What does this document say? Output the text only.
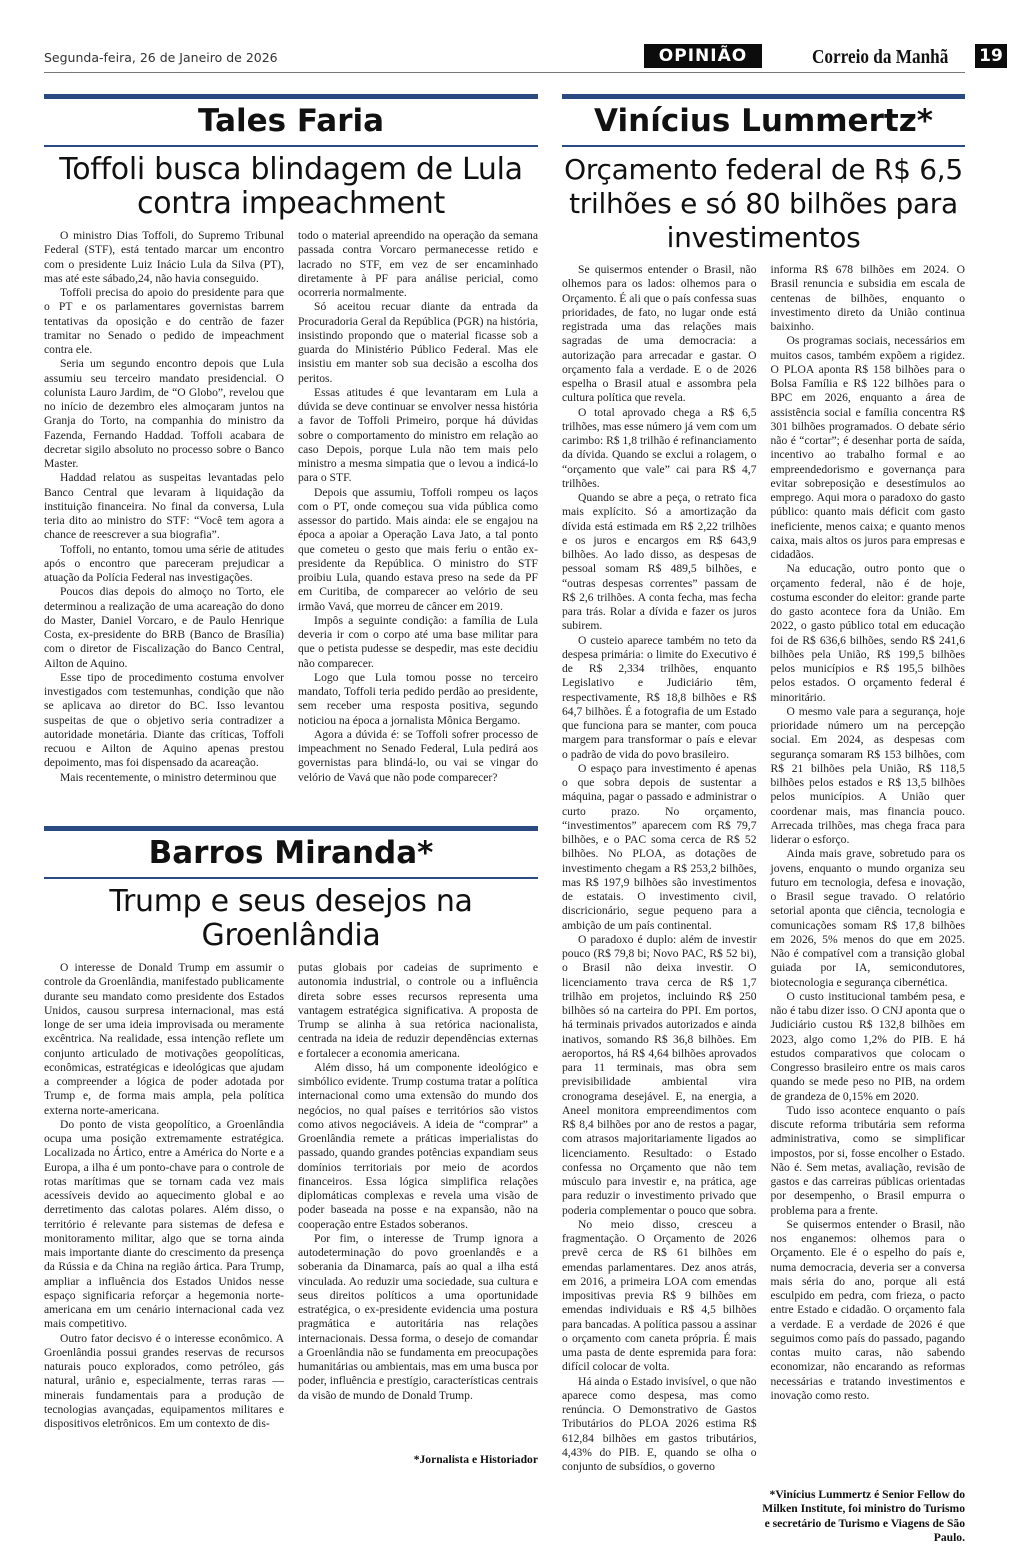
Segunda-feira, 26 de Janeiro de 2026	OPINIÃO	Correio da Manhã 19
Tales Faria
Toffoli busca blindagem de Lula contra impeachment

O ministro Dias Toffoli, do Supremo Tribunal Federal (STF), está tentado marcar um encontro com o presidente Luiz Inácio Lula da Silva (PT), mas até este sábado,24, não havia conseguido.

Toffoli precisa do apoio do presidente para que o PT e os parlamentares governistas barrem tentativas da oposição e do centrão de fazer tramitar no Senado o pedido de impeachment contra ele.

Seria um segundo encontro depois que Lula assumiu seu terceiro mandato presidencial. O colunista Lauro Jardim, de “O Globo”, revelou que no início de dezembro eles almoçaram juntos na Granja do Torto, na companhia do ministro da Fazenda, Fernando Haddad. Toffoli acabara de decretar sigilo absoluto no processo sobre o Banco Master.

Haddad relatou as suspeitas levantadas pelo Banco Central que levaram à liquidação da instituição financeira. No final da conversa, Lula teria dito ao ministro do STF: “Você tem agora a chance de reescrever a sua biografia”.

Toffoli, no entanto, tomou uma série de atitudes após o encontro que pareceram prejudicar a atuação da Polícia Federal nas investigações.

Poucos dias depois do almoço no Torto, ele determinou a realização de uma acareação do dono do Master, Daniel Vorcaro, e de Paulo Henrique Costa, ex-presidente do BRB (Banco de Brasília) com o diretor de Fiscalização do Banco Central, Ailton de Aquino.

Esse tipo de procedimento costuma envolver investigados com testemunhas, condição que não se aplicava ao diretor do BC. Isso levantou suspeitas de que o objetivo seria contradizer a autoridade monetária. Diante das críticas, Toffoli recuou e Ailton de Aquino apenas prestou depoimento, mas foi dispensado da acareação.

Mais recentemente, o ministro determinou que

todo o material apreendido na operação da semana passada contra Vorcaro permanecesse retido e lacrado no STF, em vez de ser encaminhado diretamente à PF para análise pericial, como ocorreria normalmente.

Só aceitou recuar diante da entrada da Procuradoria Geral da República (PGR) na história, insistindo propondo que o material ficasse sob a guarda do Ministério Público Federal. Mas ele insistiu em manter sob sua decisão a escolha dos peritos.

Essas atitudes é que levantaram em Lula a dúvida se deve continuar se envolver nessa história a favor de Toffoli Primeiro, porque há dúvidas sobre o comportamento do ministro em relação ao caso Depois, porque Lula não tem mais pelo ministro a mesma simpatia que o levou a indicá-lo para o STF.

Depois que assumiu, Toffoli rompeu os laços com o PT, onde começou sua vida pública como assessor do partido. Mais ainda: ele se engajou na época a apoiar a Operação Lava Jato, a tal ponto que cometeu o gesto que mais feriu o então ex-presidente da República. O ministro do STF proibiu Lula, quando estava preso na sede da PF em Curitiba, de comparecer ao velório de seu irmão Vavá, que morreu de câncer em 2019.

Impôs a seguinte condição: a família de Lula deveria ir com o corpo até uma base militar para que o petista pudesse se despedir, mas este decidiu não comparecer.

Logo que Lula tomou posse no terceiro mandato, Toffoli teria pedido perdão ao presidente, sem receber uma resposta positiva, segundo noticiou na época a jornalista Mônica Bergamo.

Agora a dúvida é: se Toffoli sofrer processo de impeachment no Senado Federal, Lula pedirá aos governistas para blindá-lo, ou vai se vingar do velório de Vavá que não pode comparecer?

Barros Miranda*
Trump e seus desejos na Groenlândia

O interesse de Donald Trump em assumir o controle da Groenlândia, manifestado publicamente durante seu mandato como presidente dos Estados Unidos, causou surpresa internacional, mas está longe de ser uma ideia improvisada ou meramente excêntrica. Na realidade, essa intenção reflete um conjunto articulado de motivações geopolíticas, econômicas, estratégicas e ideológicas que ajudam a compreender a lógica de poder adotada por Trump e, de forma mais ampla, pela política externa norte-americana.

Do ponto de vista geopolítico, a Groenlândia ocupa uma posição extremamente estratégica. Localizada no Ártico, entre a América do Norte e a Europa, a ilha é um ponto-chave para o controle de rotas marítimas que se tornam cada vez mais acessíveis devido ao aquecimento global e ao derretimento das calotas polares. Além disso, o território é relevante para sistemas de defesa e monitoramento militar, algo que se torna ainda mais importante diante do crescimento da presença da Rússia e da China na região ártica. Para Trump, ampliar a influência dos Estados Unidos nesse espaço significaria reforçar a hegemonia norte-americana em um cenário internacional cada vez mais competitivo.

Outro fator decisvo é o interesse econômico. A Groenlândia possui grandes reservas de recursos naturais pouco explorados, como petróleo, gás natural, urânio e, especialmente, terras raras — minerais fundamentais para a produção de tecnologias avançadas, equipamentos militares e dispositivos eletrônicos. Em um contexto de dis-

putas globais por cadeias de suprimento e autonomia industrial, o controle ou a influência direta sobre esses recursos representa uma vantagem estratégica significativa. A proposta de Trump se alinha à sua retórica nacionalista, centrada na ideia de reduzir dependências externas e fortalecer a economia americana.

Além disso, há um componente ideológico e simbólico evidente. Trump costuma tratar a política internacional como uma extensão do mundo dos negócios, no qual países e territórios são vistos como ativos negociáveis. A ideia de “comprar” a Groenlândia remete a práticas imperialistas do passado, quando grandes potências expandiam seus domínios territoriais por meio de acordos financeiros. Essa lógica simplifica relações diplomáticas complexas e revela uma visão de poder baseada na posse e na expansão, não na cooperação entre Estados soberanos.

Por fim, o interesse de Trump ignora a autodeterminação do povo groenlandês e a soberania da Dinamarca, país ao qual a ilha está vinculada. Ao reduzir uma sociedade, sua cultura e seus direitos políticos a uma oportunidade estratégica, o ex-presidente evidencia uma postura pragmática e autoritária nas relações internacionais. Dessa forma, o desejo de comandar a Groenlândia não se fundamenta em preocupações humanitárias ou ambientais, mas em uma busca por poder, influência e prestígio, características centrais da visão de mundo de Donald Trump.

*Jornalista e Historiador
Vinícius Lummertz*
Orçamento federal de R$ 6,5 trilhões e só 80 bilhões para investimentos

Se quisermos entender o Brasil, não olhemos para os lados: olhemos para o Orçamento. É ali que o país confessa suas prioridades, de fato, no lugar onde está registrada uma das relações mais sagradas de uma democracia: a autorização para arrecadar e gastar. O orçamento fala a verdade. E o de 2026 espelha o Brasil atual e assombra pela cultura política que revela.

O total aprovado chega a R$ 6,5 trilhões, mas esse número já vem com um carimbo: R$ 1,8 trilhão é refinanciamento da dívida. Quando se exclui a rolagem, o “orçamento que vale” cai para R$ 4,7 trilhões.

Quando se abre a peça, o retrato fica mais explícito. Só a amortização da dívida está estimada em R$ 2,22 trilhões e os juros e encargos em R$ 643,9 bilhões. Ao lado disso, as despesas de pessoal somam R$ 489,5 bilhões, e “outras despesas correntes” passam de R$ 2,6 trilhões. A conta fecha, mas fecha para trás. Rolar a dívida e fazer os juros subirem.

O custeio aparece também no teto da despesa primária: o limite do Executivo é de R$ 2,334 trilhões, enquanto Legislativo e Judiciário têm, respectivamente, R$ 18,8 bilhões e R$ 64,7 bilhões. É a fotografia de um Estado que funciona para se manter, com pouca margem para transformar o país e elevar o padrão de vida do povo brasileiro.

O espaço para investimento é apenas o que sobra depois de sustentar a máquina, pagar o passado e administrar o curto prazo. No orçamento, “investimentos” aparecem com R$ 79,7 bilhões, e o PAC soma cerca de R$ 52 bilhões. No PLOA, as dotações de investimento chegam a R$ 253,2 bilhões, mas R$ 197,9 bilhões são investimentos de estatais. O investimento civil, discricionário, segue pequeno para a ambição de um país continental.

O paradoxo é duplo: além de investir pouco (R$ 79,8 bi; Novo PAC, R$ 52 bi), o Brasil não deixa investir. O licenciamento trava cerca de R$ 1,7 trilhão em projetos, incluindo R$ 250 bilhões só na carteira do PPI. Em portos, há terminais privados autorizados e ainda inativos, somando R$ 36,8 bilhões. Em aeroportos, há R$ 4,64 bilhões aprovados para 11 terminais, mas obra sem previsibilidade ambiental vira cronograma desejável. E, na energia, a Aneel monitora empreendimentos com R$ 8,4 bilhões por ano de restos a pagar, com atrasos majoritariamente ligados ao licenciamento. Resultado: o Estado confessa no Orçamento que não tem músculo para investir e, na prática, age para reduzir o investimento privado que poderia complementar o pouco que sobra.

No meio disso, cresceu a fragmentação. O Orçamento de 2026 prevê cerca de R$ 61 bilhões em emendas parlamentares. Dez anos atrás, em 2016, a primeira LOA com emendas impositivas previa R$ 9 bilhões em emendas individuais e R$ 4,5 bilhões para bancadas. A política passou a assinar o orçamento com caneta própria. É mais uma pasta de dente espremida para fora: difícil colocar de volta.

Há ainda o Estado invisível, o que não aparece como despesa, mas como renúncia. O Demonstrativo de Gastos Tributários do PLOA 2026 estima R$ 612,84 bilhões em gastos tributários, 4,43% do PIB. E, quando se olha o conjunto de subsídios, o governo

informa R$ 678 bilhões em 2024. O Brasil renuncia e subsidia em escala de centenas de bilhões, enquanto o investimento direto da União continua baixinho.

Os programas sociais, necessários em muitos casos, também expõem a rigidez. O PLOA aponta R$ 158 bilhões para o Bolsa Família e R$ 122 bilhões para o BPC em 2026, enquanto a área de assistência social e família concentra R$ 301 bilhões programados. O debate sério não é “cortar”; é desenhar porta de saída, incentivo ao trabalho formal e ao empreendedorismo e governança para evitar sobreposição e desestímulos ao emprego. Aqui mora o paradoxo do gasto público: quanto mais déficit com gasto ineficiente, menos caixa; e quanto menos caixa, mais altos os juros para empresas e cidadãos.

Na educação, outro ponto que o orçamento federal, não é de hoje, costuma esconder do eleitor: grande parte do gasto acontece fora da União. Em 2022, o gasto público total em educação foi de R$ 636,6 bilhões, sendo R$ 241,6 bilhões pela União, R$ 199,5 bilhões pelos municípios e R$ 195,5 bilhões pelos estados. O orçamento federal é minoritário.

O mesmo vale para a segurança, hoje prioridade número um na percepção social. Em 2024, as despesas com segurança somaram R$ 153 bilhões, com R$ 21 bilhões pela União, R$ 118,5 bilhões pelos estados e R$ 13,5 bilhões pelos municípios. A União quer coordenar mais, mas financia pouco. Arrecada trilhões, mas chega fraca para liderar o esforço.

Ainda mais grave, sobretudo para os jovens, enquanto o mundo organiza seu futuro em tecnologia, defesa e inovação, o Brasil segue travado. O relatório setorial aponta que ciência, tecnologia e comunicações somam R$ 17,8 bilhões em 2026, 5% menos do que em 2025. Não é compatível com a transição global guiada por IA, semicondutores, biotecnologia e segurança cibernética.

O custo institucional também pesa, e não é tabu dizer isso. O CNJ aponta que o Judiciário custou R$ 132,8 bilhões em 2023, algo como 1,2% do PIB. E há estudos comparativos que colocam o Congresso brasileiro entre os mais caros quando se mede peso no PIB, na ordem de grandeza de 0,15% em 2020.

Tudo isso acontece enquanto o país discute reforma tributária sem reforma administrativa, como se simplificar impostos, por si, fosse encolher o Estado. Não é. Sem metas, avaliação, revisão de gastos e das carreiras públicas orientadas por desempenho, o Brasil empurra o problema para a frente.

Se quisermos entender o Brasil, não nos enganemos: olhemos para o Orçamento. Ele é o espelho do país e, numa democracia, deveria ser a conversa mais séria do ano, porque ali está esculpido em pedra, com frieza, o pacto entre Estado e cidadão. O orçamento fala a verdade. E a verdade de 2026 é que seguimos como país do passado, pagando contas muito caras, não sabendo economizar, não encarando as reformas necessárias e tratando investimentos e inovação como resto.

*Vinícius Lummertz é Senior Fellow do Milken Institute, foi ministro do Turismo e secretário de Turismo e Viagens de São Paulo.
